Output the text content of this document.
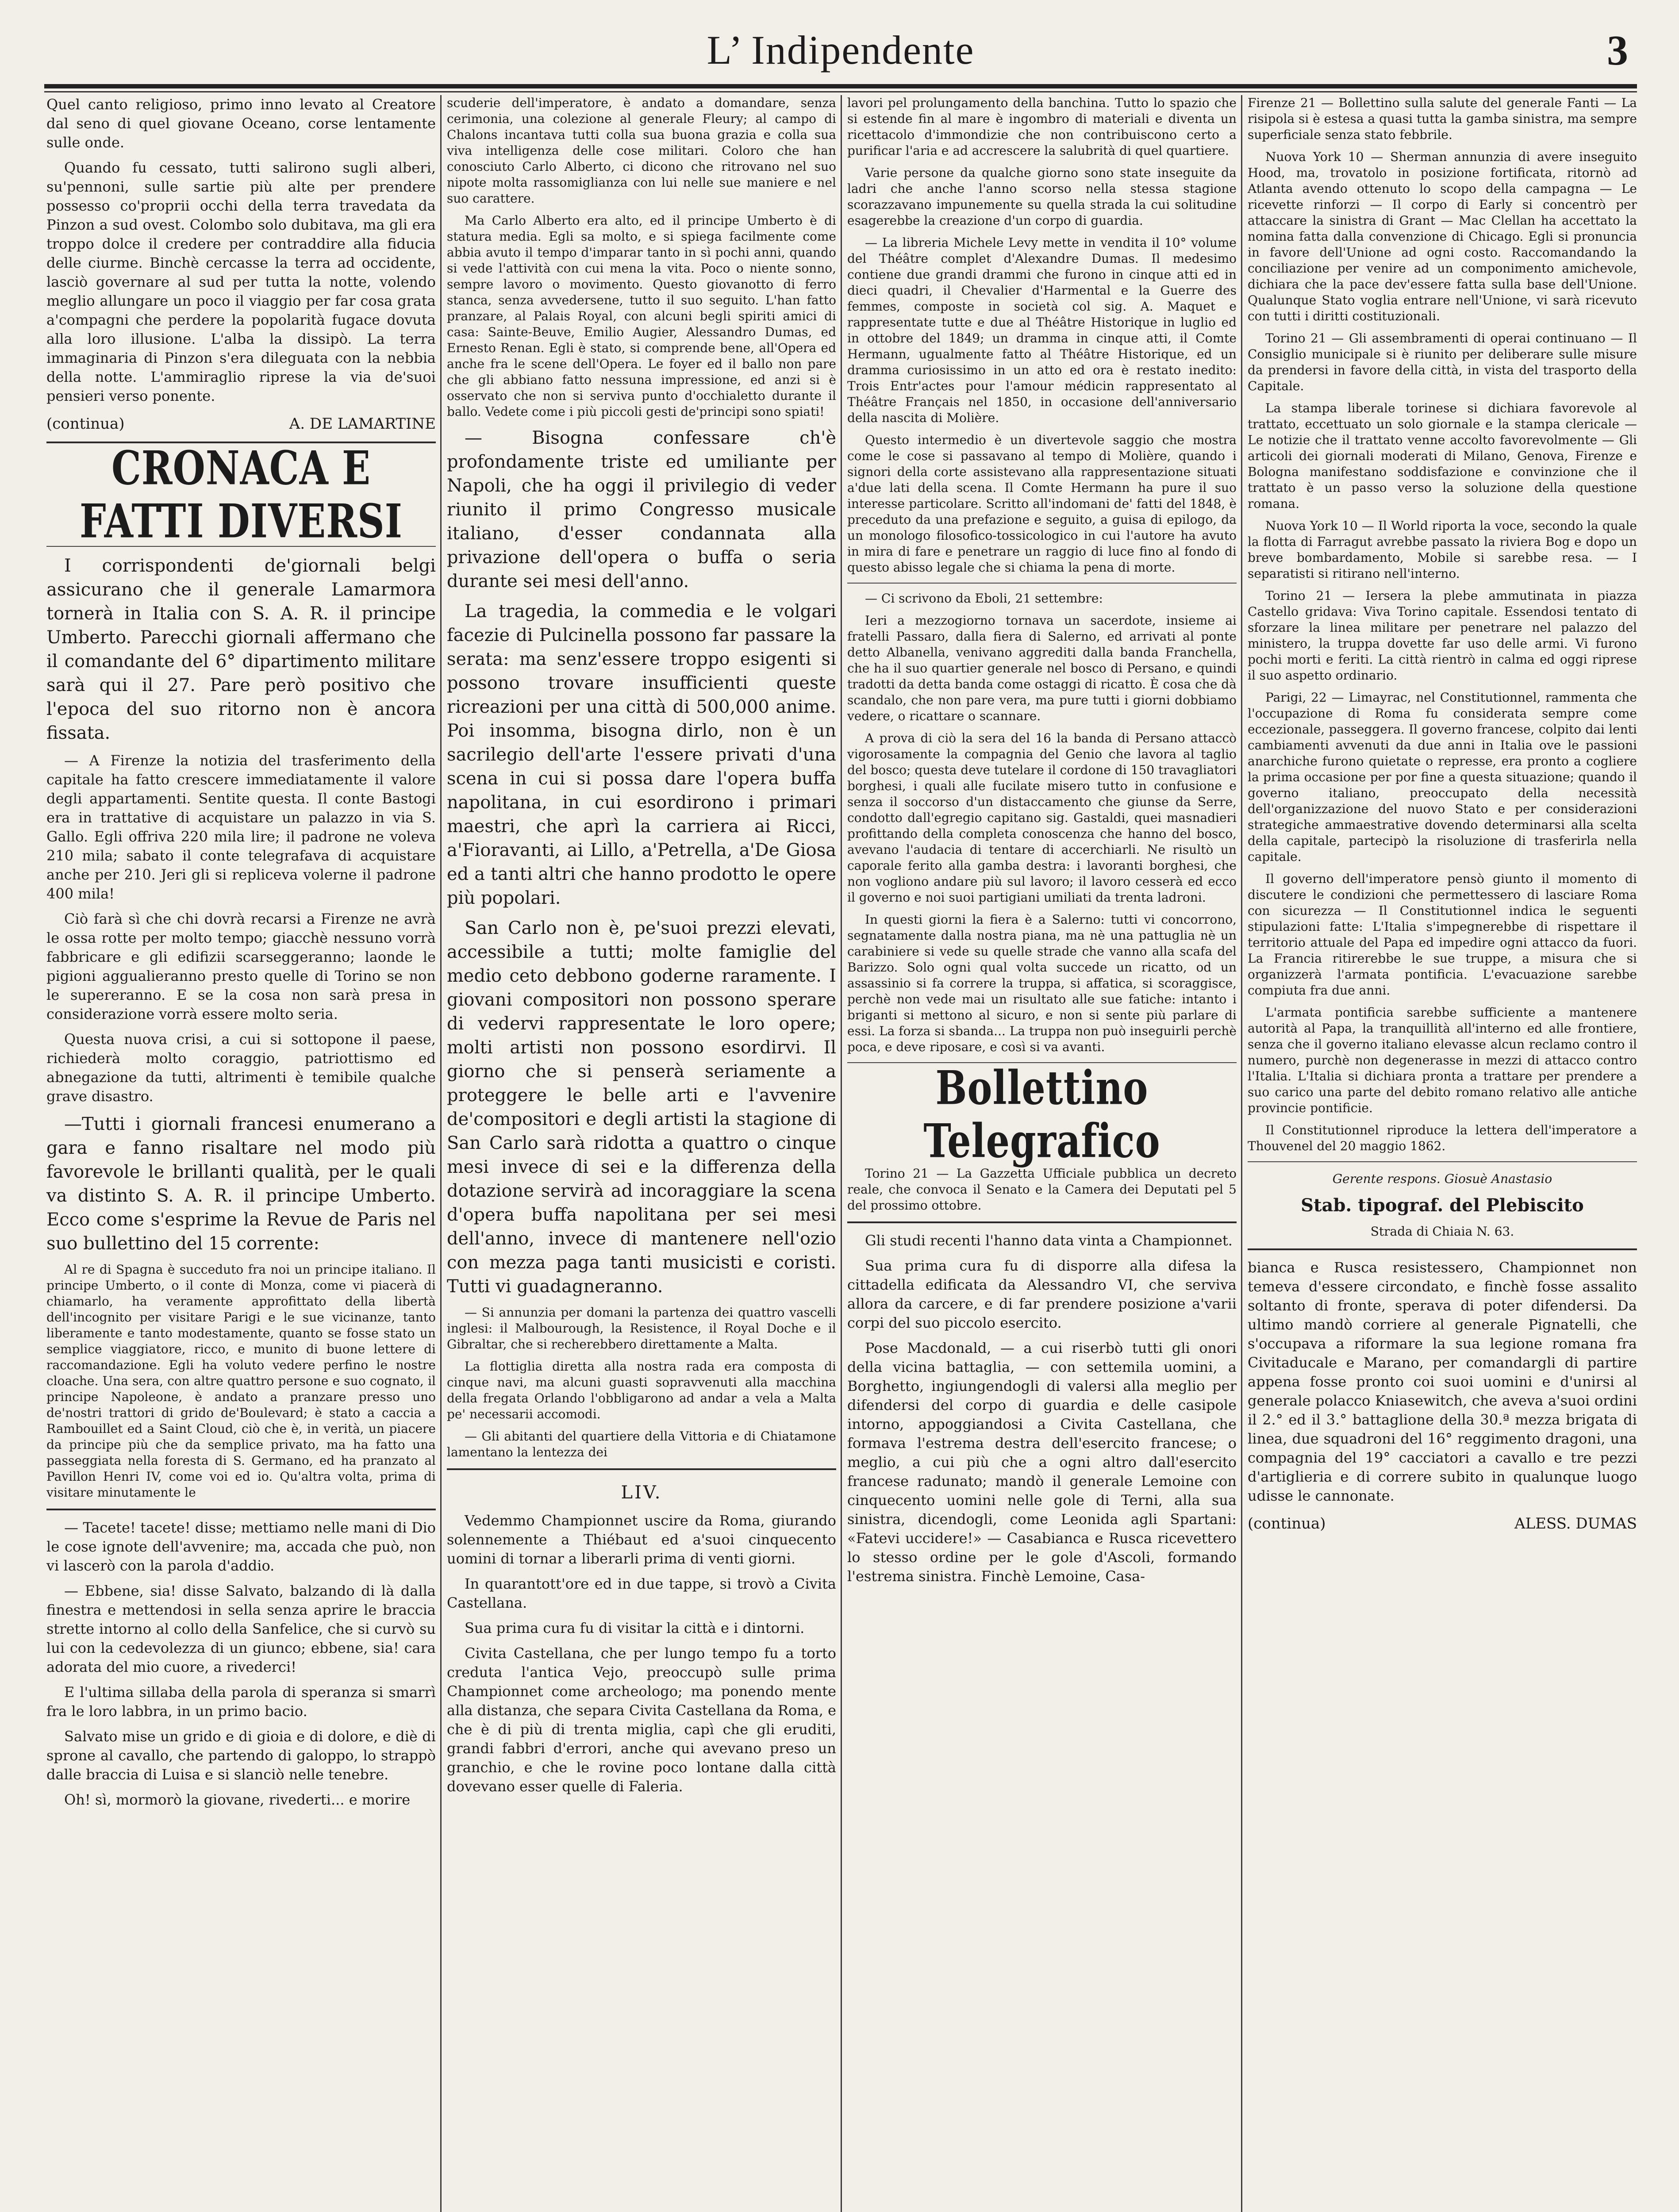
L’ Indipendente	3

Quel canto religioso, primo inno levato al Creatore dal seno di quel giovane Oceano, corse lentamente sulle onde.

Quando fu cessato, tutti salirono sugli alberi, su'pennoni, sulle sartie più alte per prendere possesso co'proprii occhi della terra travedata da Pinzon a sud ovest. Colombo solo dubitava, ma gli era troppo dolce il credere per contraddire alla fiducia delle ciurme. Binchè cercasse la terra ad occidente, lasciò governare al sud per tutta la notte, volendo meglio allungare un poco il viaggio per far cosa grata a'compagni che perdere la popolarità fugace dovuta alla loro illusione. L'alba la dissipò. La terra immaginaria di Pinzon s'era dileguata con la nebbia della notte. L'ammiraglio riprese la via de'suoi pensieri verso ponente.

(continua)	A. DE LAMARTINE
CRONACA E FATTI DIVERSI

I corrispondenti de'giornali belgi assicurano che il generale Lamarmora tornerà in Italia con S. A. R. il principe Umberto. Parecchi giornali affermano che il comandante del 6° dipartimento militare sarà qui il 27. Pare però positivo che l'epoca del suo ritorno non è ancora fissata.

— A Firenze la notizia del trasferimento della capitale ha fatto crescere immediatamente il valore degli appartamenti. Sentite questa. Il conte Bastogi era in trattative di acquistare un palazzo in via S. Gallo. Egli offriva 220 mila lire; il padrone ne voleva 210 mila; sabato il conte telegrafava di acquistare anche per 210. Jeri gli si repliceva volerne il padrone 400 mila!

Ciò farà sì che chi dovrà recarsi a Firenze ne avrà le ossa rotte per molto tempo; giacchè nessuno vorrà fabbricare e gli edifizii scarseggeranno; laonde le pigioni aggualieranno presto quelle di Torino se non le supereranno. E se la cosa non sarà presa in considerazione vorrà essere molto seria.

Questa nuova crisi, a cui si sottopone il paese, richiederà molto coraggio, patriottismo ed abnegazione da tutti, altrimenti è temibile qualche grave disastro.

—Tutti i giornali francesi enumerano a gara e fanno risaltare nel modo più favorevole le brillanti qualità, per le quali va distinto S. A. R. il principe Umberto. Ecco come s'esprime la Revue de Paris nel suo bullettino del 15 corrente:

Al re di Spagna è succeduto fra noi un principe italiano. Il principe Umberto, o il conte di Monza, come vi piacerà di chiamarlo, ha veramente approfittato della libertà dell'incognito per visitare Parigi e le sue vicinanze, tanto liberamente e tanto modestamente, quanto se fosse stato un semplice viaggiatore, ricco, e munito di buone lettere di raccomandazione. Egli ha voluto vedere perfino le nostre cloache. Una sera, con altre quattro persone e suo cognato, il principe Napoleone, è andato a pranzare presso uno de'nostri trattori di grido de'Boulevard; è stato a caccia a Rambouillet ed a Saint Cloud, ciò che è, in verità, un piacere da principe più che da semplice privato, ma ha fatto una passeggiata nella foresta di S. Germano, ed ha pranzato al Pavillon Henri IV, come voi ed io. Qu'altra volta, prima di visitare minutamente le

— Tacete! tacete! disse; mettiamo nelle mani di Dio le cose ignote dell'avvenire; ma, accada che può, non vi lascerò con la parola d'addio.

— Ebbene, sia! disse Salvato, balzando di là dalla finestra e mettendosi in sella senza aprire le braccia strette intorno al collo della Sanfelice, che si curvò su lui con la cedevolezza di un giunco; ebbene, sia! cara adorata del mio cuore, a rivederci!

E l'ultima sillaba della parola di speranza si smarrì fra le loro labbra, in un primo bacio.

Salvato mise un grido e di gioia e di dolore, e diè di sprone al cavallo, che partendo di galoppo, lo strappò dalle braccia di Luisa e si slanciò nelle tenebre.

Oh! sì, mormorò la giovane, rivederti... e morire

scuderie dell'imperatore, è andato a domandare, senza cerimonia, una colezione al generale Fleury; al campo di Chalons incantava tutti colla sua buona grazia e colla sua viva intelligenza delle cose militari. Coloro che han conosciuto Carlo Alberto, ci dicono che ritrovano nel suo nipote molta rassomiglianza con lui nelle sue maniere e nel suo carattere.

Ma Carlo Alberto era alto, ed il principe Umberto è di statura media. Egli sa molto, e si spiega facilmente come abbia avuto il tempo d'imparar tanto in sì pochi anni, quando si vede l'attività con cui mena la vita. Poco o niente sonno, sempre lavoro o movimento. Questo giovanotto di ferro stanca, senza avvedersene, tutto il suo seguito. L'han fatto pranzare, al Palais Royal, con alcuni begli spiriti amici di casa: Sainte-Beuve, Emilio Augier, Alessandro Dumas, ed Ernesto Renan. Egli è stato, si comprende bene, all'Opera ed anche fra le scene dell'Opera. Le foyer ed il ballo non pare che gli abbiano fatto nessuna impressione, ed anzi si è osservato che non si serviva punto d'occhialetto durante il ballo. Vedete come i più piccoli gesti de'principi sono spiati!

— Bisogna confessare ch'è profondamente triste ed umiliante per Napoli, che ha oggi il privilegio di veder riunito il primo Congresso musicale italiano, d'esser condannata alla privazione dell'opera o buffa o seria durante sei mesi dell'anno.

La tragedia, la commedia e le volgari facezie di Pulcinella possono far passare la serata: ma senz'essere troppo esigenti si possono trovare insufficienti queste ricreazioni per una città di 500,000 anime. Poi insomma, bisogna dirlo, non è un sacrilegio dell'arte l'essere privati d'una scena in cui si possa dare l'opera buffa napolitana, in cui esordirono i primari maestri, che aprì la carriera ai Ricci, a'Fioravanti, ai Lillo, a'Petrella, a'De Giosa ed a tanti altri che hanno prodotto le opere più popolari.

San Carlo non è, pe'suoi prezzi elevati, accessibile a tutti; molte famiglie del medio ceto debbono goderne raramente. I giovani compositori non possono sperare di vedervi rappresentate le loro opere; molti artisti non possono esordirvi. Il giorno che si penserà seriamente a proteggere le belle arti e l'avvenire de'compositori e degli artisti la stagione di San Carlo sarà ridotta a quattro o cinque mesi invece di sei e la differenza della dotazione servirà ad incoraggiare la scena d'opera buffa napolitana per sei mesi dell'anno, invece di mantenere nell'ozio con mezza paga tanti musicisti e coristi. Tutti vi guadagneranno.

— Si annunzia per domani la partenza dei quattro vascelli inglesi: il Malbourough, la Resistence, il Royal Doche e il Gibraltar, che si recherebbero direttamente a Malta.

La flottiglia diretta alla nostra rada era composta di cinque navi, ma alcuni guasti sopravvenuti alla macchina della fregata Orlando l'obbligarono ad andar a vela a Malta pe' necessarii accomodi.

— Gli abitanti del quartiere della Vittoria e di Chiatamone lamentano la lentezza dei

LIV.

Vedemmo Championnet uscire da Roma, giurando solennemente a Thiébaut ed a'suoi cinquecento uomini di tornar a liberarli prima di venti giorni.

In quarantott'ore ed in due tappe, si trovò a Civita Castellana.

Sua prima cura fu di visitar la città e i dintorni.

Civita Castellana, che per lungo tempo fu a torto creduta l'antica Vejo, preoccupò sulle prima Championnet come archeologo; ma ponendo mente alla distanza, che separa Civita Castellana da Roma, e che è di più di trenta miglia, capì che gli eruditi, grandi fabbri d'errori, anche qui avevano preso un granchio, e che le rovine poco lontane dalla città dovevano esser quelle di Faleria.

lavori pel prolungamento della banchina. Tutto lo spazio che si estende fin al mare è ingombro di materiali e diventa un ricettacolo d'immondizie che non contribuiscono certo a purificar l'aria e ad accrescere la salubrità di quel quartiere.

Varie persone da qualche giorno sono state inseguite da ladri che anche l'anno scorso nella stessa stagione scorazzavano impunemente su quella strada la cui solitudine esagerebbe la creazione d'un corpo di guardia.

— La libreria Michele Levy mette in vendita il 10° volume del Théâtre complet d'Alexandre Dumas. Il medesimo contiene due grandi drammi che furono in cinque atti ed in dieci quadri, il Chevalier d'Harmental e la Guerre des femmes, composte in società col sig. A. Maquet e rappresentate tutte e due al Théâtre Historique in luglio ed in ottobre del 1849; un dramma in cinque atti, il Comte Hermann, ugualmente fatto al Théâtre Historique, ed un dramma curiosissimo in un atto ed ora è restato inedito: Trois Entr'actes pour l'amour médicin rappresentato al Théâtre Français nel 1850, in occasione dell'anniversario della nascita di Molière.

Questo intermedio è un divertevole saggio che mostra come le cose si passavano al tempo di Molière, quando i signori della corte assistevano alla rappresentazione situati a'due lati della scena. Il Comte Hermann ha pure il suo interesse particolare. Scritto all'indomani de' fatti del 1848, è preceduto da una prefazione e seguito, a guisa di epilogo, da un monologo filosofico-tossicologico in cui l'autore ha avuto in mira di fare e penetrare un raggio di luce fino al fondo di questo abisso legale che si chiama la pena di morte.

— Ci scrivono da Eboli, 21 settembre:

Ieri a mezzogiorno tornava un sacerdote, insieme ai fratelli Passaro, dalla fiera di Salerno, ed arrivati al ponte detto Albanella, venivano aggrediti dalla banda Franchella, che ha il suo quartier generale nel bosco di Persano, e quindi tradotti da detta banda come ostaggi di ricatto. È cosa che dà scandalo, che non pare vera, ma pure tutti i giorni dobbiamo vedere, o ricattare o scannare.

A prova di ciò la sera del 16 la banda di Persano attaccò vigorosamente la compagnia del Genio che lavora al taglio del bosco; questa deve tutelare il cordone di 150 travagliatori borghesi, i quali alle fucilate misero tutto in confusione e senza il soccorso d'un distaccamento che giunse da Serre, condotto dall'egregio capitano sig. Gastaldi, quei masnadieri profittando della completa conoscenza che hanno del bosco, avevano l'audacia di tentare di accerchiarli. Ne risultò un caporale ferito alla gamba destra: i lavoranti borghesi, che non vogliono andare più sul lavoro; il lavoro cesserà ed ecco il governo e noi suoi partigiani umiliati da trenta ladroni.

In questi giorni la fiera è a Salerno: tutti vi concorrono, segnatamente dalla nostra piana, ma nè una pattuglia nè un carabiniere si vede su quelle strade che vanno alla scafa del Barizzo. Solo ogni qual volta succede un ricatto, od un assassinio si fa correre la truppa, si affatica, si scoraggisce, perchè non vede mai un risultato alle sue fatiche: intanto i briganti si mettono al sicuro, e non si sente più parlare di essi. La forza si sbanda... La truppa non può inseguirli perchè poca, e deve riposare, e così si va avanti.

Bollettino Telegrafico

Torino 21 — La Gazzetta Ufficiale pubblica un decreto reale, che convoca il Senato e la Camera dei Deputati pel 5 del prossimo ottobre.

Gli studi recenti l'hanno data vinta a Championnet.

Sua prima cura fu di disporre alla difesa la cittadella edificata da Alessandro VI, che serviva allora da carcere, e di far prendere posizione a'varii corpi del suo piccolo esercito.

Pose Macdonald, — a cui riserbò tutti gli onori della vicina battaglia, — con settemila uomini, a Borghetto, ingiungendogli di valersi alla meglio per difendersi del corpo di guardia e delle casipole intorno, appoggiandosi a Civita Castellana, che formava l'estrema destra dell'esercito francese; o meglio, a cui più che a ogni altro dall'esercito francese radunato; mandò il generale Lemoine con cinquecento uomini nelle gole di Terni, alla sua sinistra, dicendogli, come Leonida agli Spartani: «Fatevi uccidere!» — Casabianca e Rusca ricevettero lo stesso ordine per le gole d'Ascoli, formando l'estrema sinistra. Finchè Lemoine, Casa-

Firenze 21 — Bollettino sulla salute del generale Fanti — La risipola si è estesa a quasi tutta la gamba sinistra, ma sempre superficiale senza stato febbrile.

Nuova York 10 — Sherman annunzia di avere inseguito Hood, ma, trovatolo in posizione fortificata, ritornò ad Atlanta avendo ottenuto lo scopo della campagna — Le ricevette rinforzi — Il corpo di Early si concentrò per attaccare la sinistra di Grant — Mac Clellan ha accettato la nomina fatta dalla convenzione di Chicago. Egli si pronuncia in favore dell'Unione ad ogni costo. Raccomandando la conciliazione per venire ad un componimento amichevole, dichiara che la pace dev'essere fatta sulla base dell'Unione. Qualunque Stato voglia entrare nell'Unione, vi sarà ricevuto con tutti i diritti costituzionali.

Torino 21 — Gli assembramenti di operai continuano — Il Consiglio municipale si è riunito per deliberare sulle misure da prendersi in favore della città, in vista del trasporto della Capitale.

La stampa liberale torinese si dichiara favorevole al trattato, eccettuato un solo giornale e la stampa clericale — Le notizie che il trattato venne accolto favorevolmente — Gli articoli dei giornali moderati di Milano, Genova, Firenze e Bologna manifestano soddisfazione e convinzione che il trattato è un passo verso la soluzione della questione romana.

Nuova York 10 — Il World riporta la voce, secondo la quale la flotta di Farragut avrebbe passato la riviera Bog e dopo un breve bombardamento, Mobile si sarebbe resa. — I separatisti si ritirano nell'interno.

Torino 21 — Iersera la plebe ammutinata in piazza Castello gridava: Viva Torino capitale. Essendosi tentato di sforzare la linea militare per penetrare nel palazzo del ministero, la truppa dovette far uso delle armi. Vi furono pochi morti e feriti. La città rientrò in calma ed oggi riprese il suo aspetto ordinario.

Parigi, 22 — Limayrac, nel Constitutionnel, rammenta che l'occupazione di Roma fu considerata sempre come eccezionale, passeggera. Il governo francese, colpito dai lenti cambiamenti avvenuti da due anni in Italia ove le passioni anarchiche furono quietate o represse, era pronto a cogliere la prima occasione per por fine a questa situazione; quando il governo italiano, preoccupato della necessità dell'organizzazione del nuovo Stato e per considerazioni strategiche ammaestrative dovendo determinarsi alla scelta della capitale, partecipò la risoluzione di trasferirla nella capitale.

Il governo dell'imperatore pensò giunto il momento di discutere le condizioni che permettessero di lasciare Roma con sicurezza — Il Constitutionnel indica le seguenti stipulazioni fatte: L'Italia s'impegnerebbe di rispettare il territorio attuale del Papa ed impedire ogni attacco da fuori. La Francia ritirerebbe le sue truppe, a misura che si organizzerà l'armata pontificia. L'evacuazione sarebbe compiuta fra due anni.

L'armata pontificia sarebbe sufficiente a mantenere autorità al Papa, la tranquillità all'interno ed alle frontiere, senza che il governo italiano elevasse alcun reclamo contro il numero, purchè non degenerasse in mezzi di attacco contro l'Italia. L'Italia si dichiara pronta a trattare per prendere a suo carico una parte del debito romano relativo alle antiche provincie pontificie.

Il Constitutionnel riproduce la lettera dell'imperatore a Thouvenel del 20 maggio 1862.

Gerente respons. Giosuè Anastasio
Stab. tipograf. del Plebiscito
Strada di Chiaia N. 63.

bianca e Rusca resistessero, Championnet non temeva d'essere circondato, e finchè fosse assalito soltanto di fronte, sperava di poter difendersi. Da ultimo mandò corriere al generale Pignatelli, che s'occupava a riformare la sua legione romana fra Civitaducale e Marano, per comandargli di partire appena fosse pronto coi suoi uomini e d'unirsi al generale polacco Kniasewitch, che aveva a'suoi ordini il 2.° ed il 3.° battaglione della 30.ª mezza brigata di linea, due squadroni del 16° reggimento dragoni, una compagnia del 19° cacciatori a cavallo e tre pezzi d'artiglieria e di correre subito in qualunque luogo udisse le cannonate.

(continua)	ALESS. DUMAS
